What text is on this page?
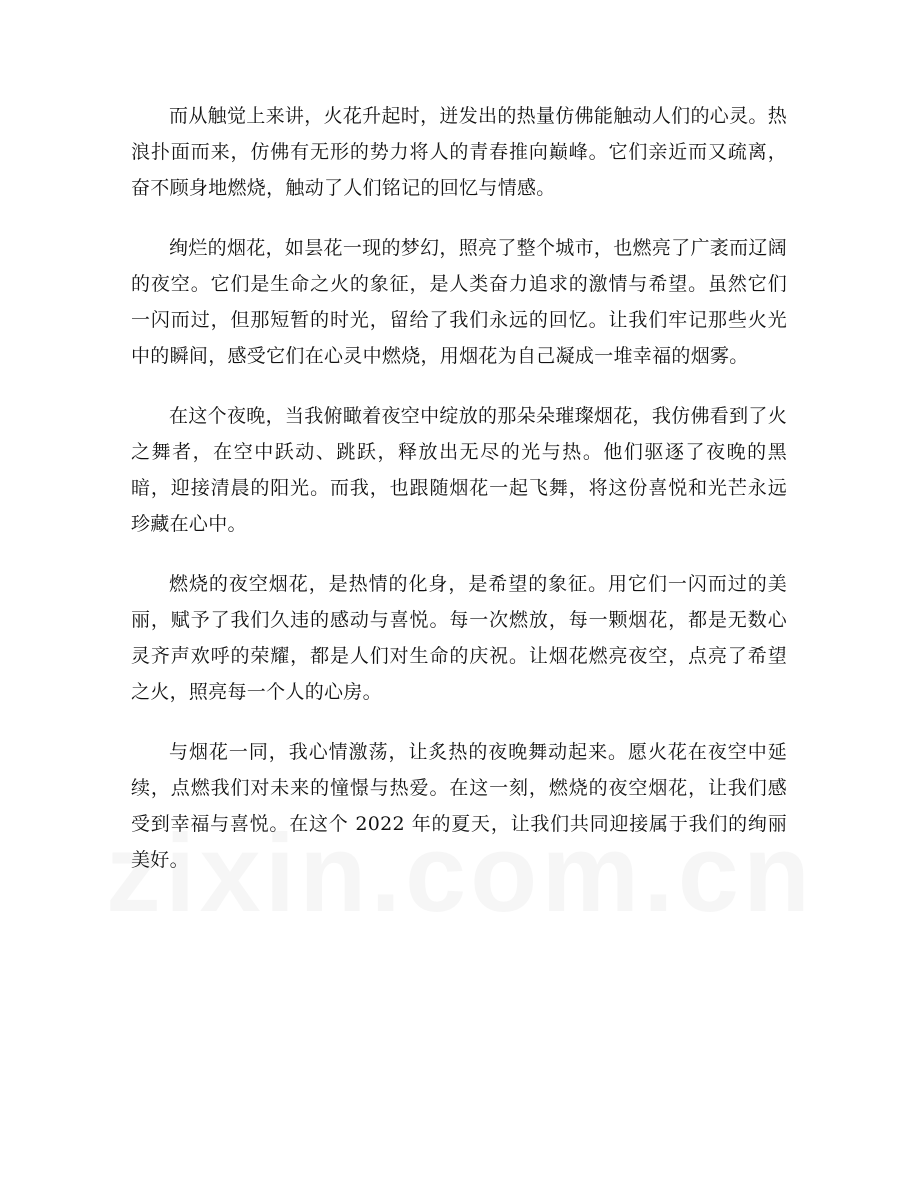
而从触觉上来讲，火花升起时，迸发出的热量仿佛能触动人们的心灵。热浪扑面而来，仿佛有无形的势力将人的青春推向巅峰。它们亲近而又疏离，奋不顾身地燃烧，触动了人们铭记的回忆与情感。

绚烂的烟花，如昙花一现的梦幻，照亮了整个城市，也燃亮了广袤而辽阔的夜空。它们是生命之火的象征，是人类奋力追求的激情与希望。虽然它们一闪而过，但那短暂的时光，留给了我们永远的回忆。让我们牢记那些火光中的瞬间，感受它们在心灵中燃烧，用烟花为自己凝成一堆幸福的烟雾。

在这个夜晚，当我俯瞰着夜空中绽放的那朵朵璀璨烟花，我仿佛看到了火之舞者，在空中跃动、跳跃，释放出无尽的光与热。他们驱逐了夜晚的黑暗，迎接清晨的阳光。而我，也跟随烟花一起飞舞，将这份喜悦和光芒永远珍藏在心中。

燃烧的夜空烟花，是热情的化身，是希望的象征。用它们一闪而过的美丽，赋予了我们久违的感动与喜悦。每一次燃放，每一颗烟花，都是无数心灵齐声欢呼的荣耀，都是人们对生命的庆祝。让烟花燃亮夜空，点亮了希望之火，照亮每一个人的心房。

与烟花一同，我心情激荡，让炙热的夜晚舞动起来。愿火花在夜空中延续，点燃我们对未来的憧憬与热爱。在这一刻，燃烧的夜空烟花，让我们感受到幸福与喜悦。在这个 2022 年的夏天，让我们共同迎接属于我们的绚丽美好。
